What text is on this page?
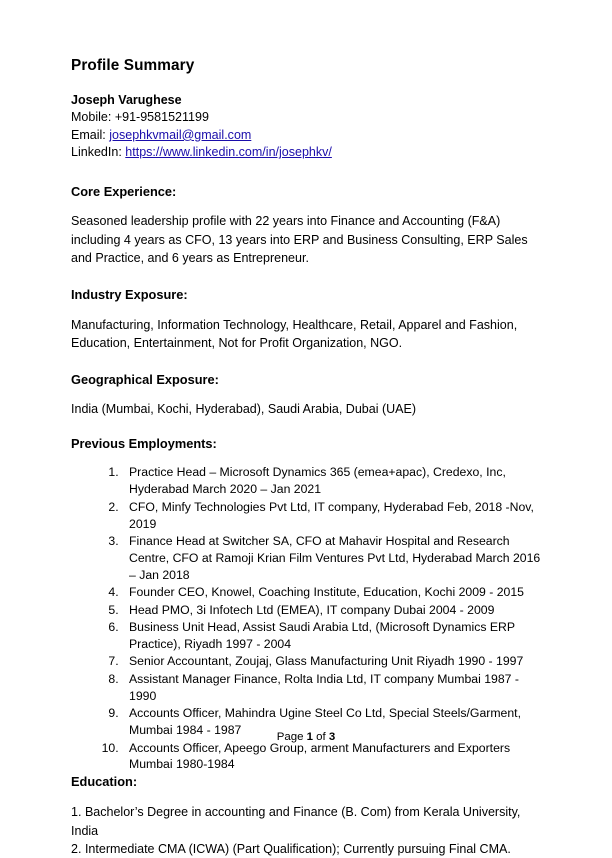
Profile Summary
Joseph Varughese
Mobile: +91-9581521199
Email: josephkvmail@gmail.com
LinkedIn: https://www.linkedin.com/in/josephkv/
Core Experience:
Seasoned leadership profile with 22 years into Finance and Accounting (F&A) including 4 years as CFO, 13 years into ERP and Business Consulting, ERP Sales and Practice, and 6 years as Entrepreneur.
Industry Exposure:
Manufacturing, Information Technology, Healthcare, Retail, Apparel and Fashion, Education, Entertainment, Not for Profit Organization, NGO.
Geographical Exposure:
India (Mumbai, Kochi, Hyderabad), Saudi Arabia, Dubai (UAE)
Previous Employments:
1. Practice Head – Microsoft Dynamics 365 (emea+apac), Credexo, Inc, Hyderabad March 2020 – Jan 2021
2. CFO, Minfy Technologies Pvt Ltd, IT company, Hyderabad Feb, 2018 -Nov, 2019
3. Finance Head at Switcher SA, CFO at Mahavir Hospital and Research Centre, CFO at Ramoji Krian Film Ventures Pvt Ltd, Hyderabad March 2016 – Jan 2018
4. Founder CEO, Knowel, Coaching Institute, Education, Kochi 2009 - 2015
5. Head PMO, 3i Infotech Ltd (EMEA), IT company Dubai 2004 - 2009
6. Business Unit Head, Assist Saudi Arabia Ltd, (Microsoft Dynamics ERP Practice), Riyadh 1997 - 2004
7. Senior Accountant, Zoujaj, Glass Manufacturing Unit Riyadh 1990 - 1997
8. Assistant Manager Finance, Rolta India Ltd, IT company Mumbai 1987 - 1990
9. Accounts Officer, Mahindra Ugine Steel Co Ltd, Special Steels/Garment, Mumbai 1984 - 1987
10. Accounts Officer, Apeego Group, arment Manufacturers and Exporters Mumbai 1980-1984
Education:
1. Bachelor’s Degree in accounting and Finance (B. Com) from Kerala University, India
2. Intermediate CMA (ICWA) (Part Qualification); Currently pursuing Final CMA.
Page 1 of 3
